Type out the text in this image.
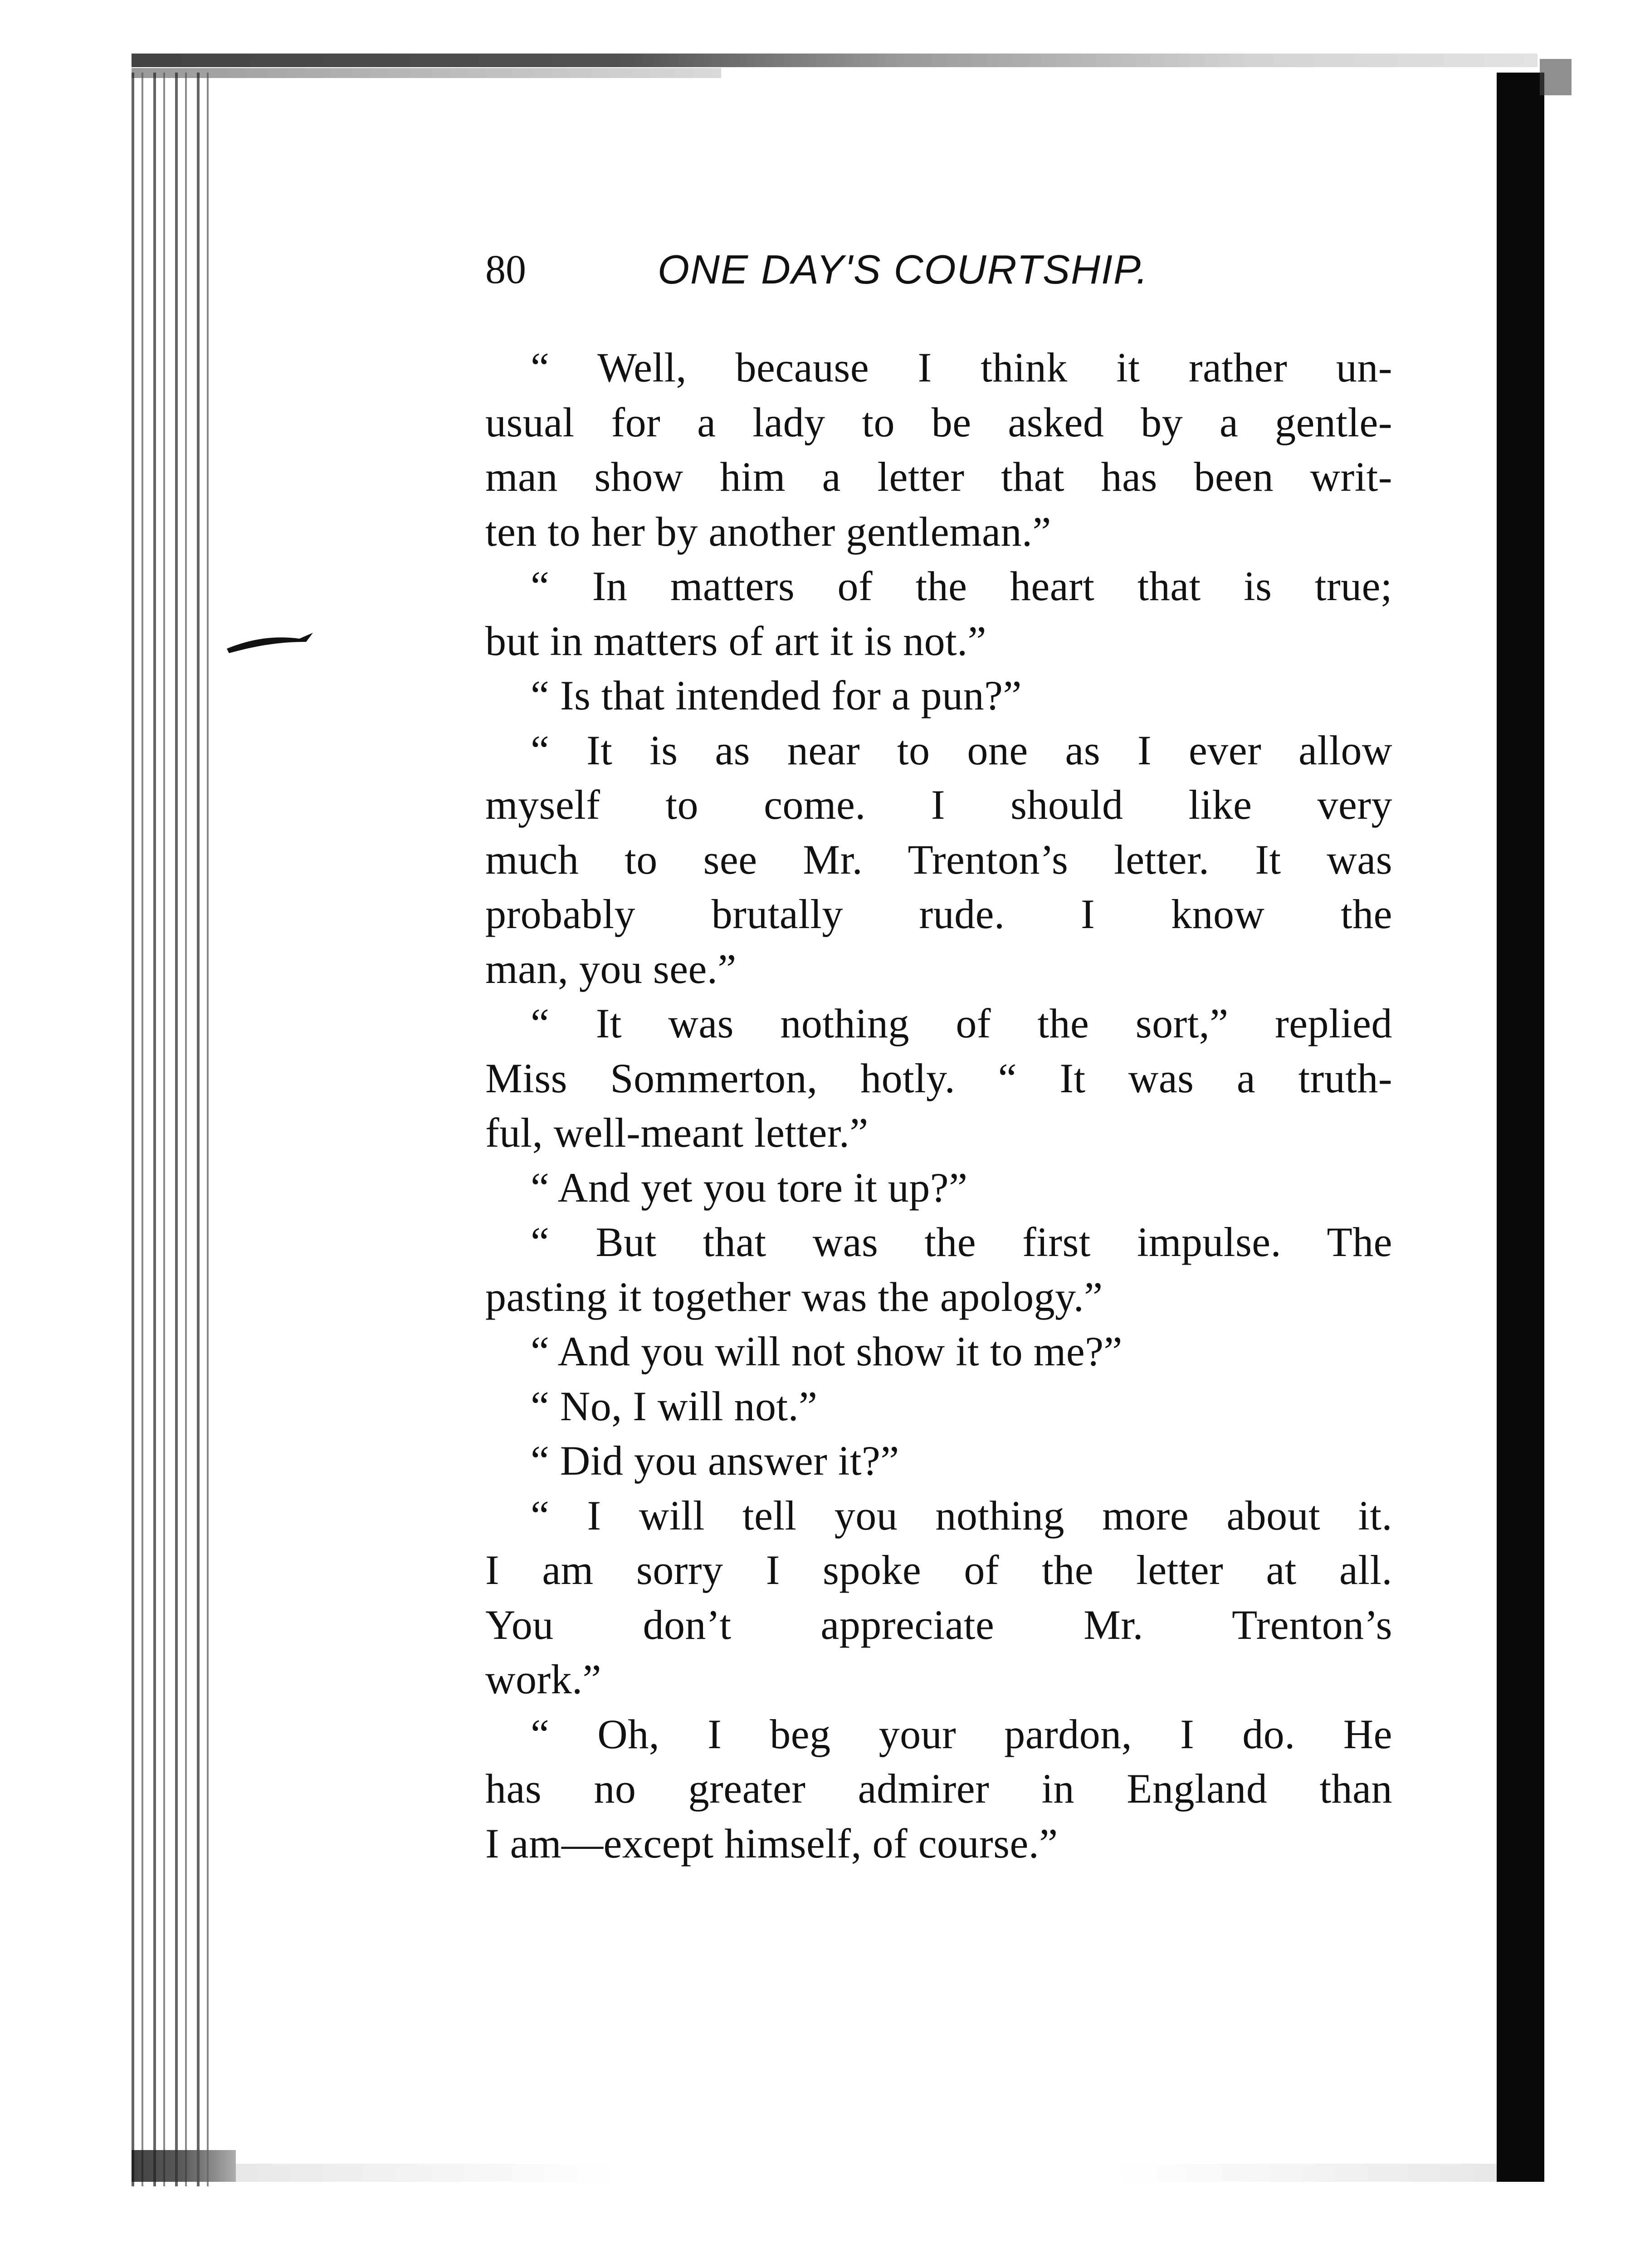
80	ONE DAY'S COURTSHIP.
“ Well, because I think it rather un-
usual for a lady to be asked by a gentle-
man show him a letter that has been writ-
ten to her by another gentleman.”
“ In matters of the heart that is true;
but in matters of art it is not.”
“ Is that intended for a pun?”
“ It is as near to one as I ever allow
myself to come. I should like very
much to see Mr. Trenton’s letter. It was
probably brutally rude. I know the
man, you see.”
“ It was nothing of the sort,” replied
Miss Sommerton, hotly. “ It was a truth-
ful, well-meant letter.”
“ And yet you tore it up?”
“ But that was the first impulse. The
pasting it together was the apology.”
“ And you will not show it to me?”
“ No, I will not.”
“ Did you answer it?”
“ I will tell you nothing more about it.
I am sorry I spoke of the letter at all.
You don’t appreciate Mr. Trenton’s
work.”
“ Oh, I beg your pardon, I do. He
has no greater admirer in England than
I am—except himself, of course.”
